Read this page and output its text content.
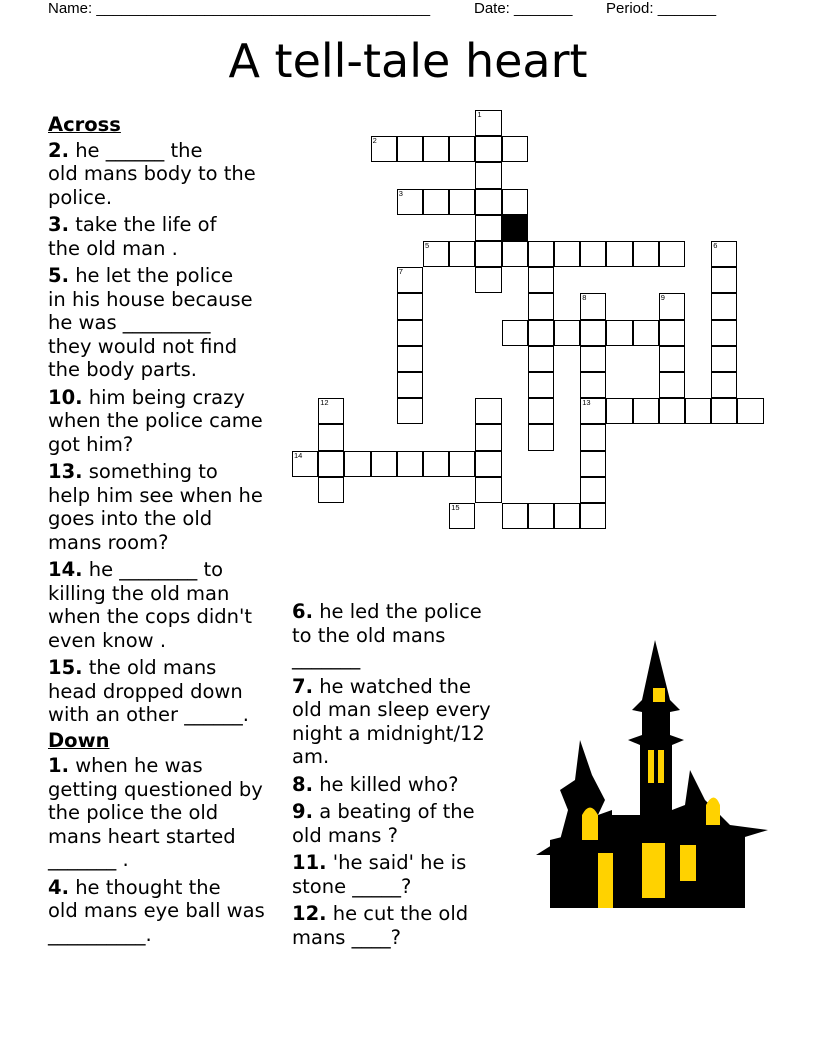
Name: ________________________________________	Date: _______ Period: _______
A tell-tale heart
Across
2. he ______ the
old mans body to the
police.
3. take the life of
the old man .
5. he let the police
in his house because
he was _________
they would not find
the body parts.
10. him being crazy
when the police came
got him?
13. something to
help him see when he
goes into the old
mans room?
14. he ________ to
killing the old man
when the cops didn't
even know .
15. the old mans
head dropped down
with an other ______.
Down
1. when he was
getting questioned by
the police the old
mans heart started
_______ .
4. he thought the
old mans eye ball was
__________.
6. he led the police
to the old mans
_______
7. he watched the
old man sleep every
night a midnight/12
am.
8. he killed who?
9. a beating of the
old mans ?
11. 'he said' he is
stone _____?
12. he cut the old
mans ____?
1
2
3
5	6
7
8
13
9
12
14
15
